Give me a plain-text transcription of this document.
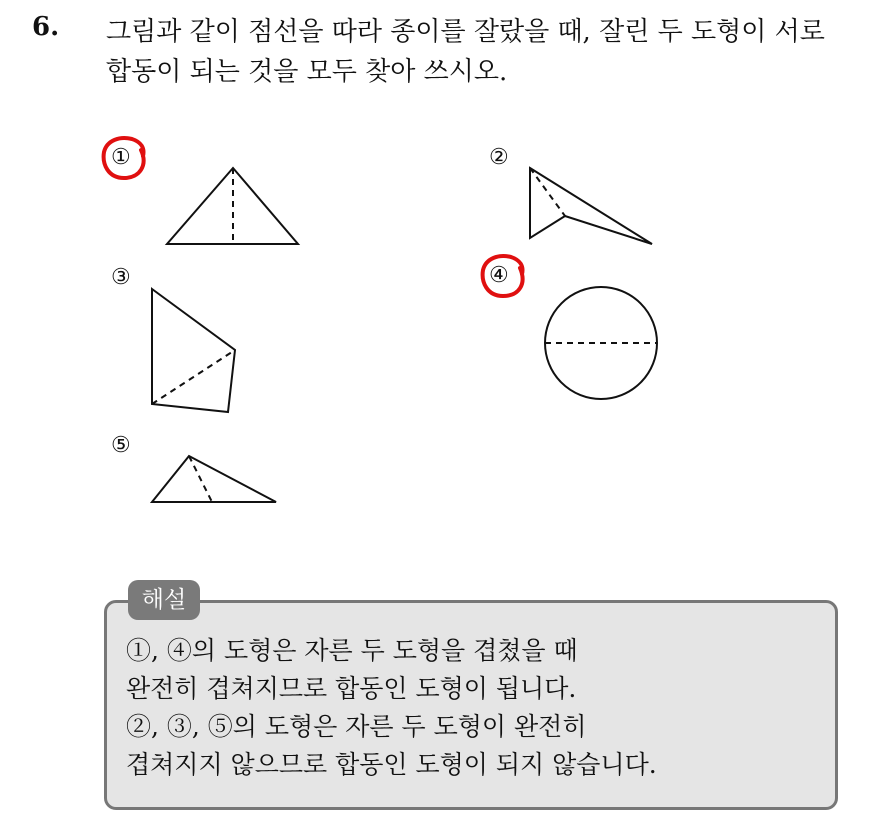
6. 그림과 같이 점선을 따라 종이를 잘랐을 때, 잘린 두 도형이 서로
합동이 되는 것을 모두 찾아 쓰시오.
①	②
③	④
⑤
해설
①, ④의 도형은 자른 두 도형을 겹쳤을 때
완전히 겹쳐지므로 합동인 도형이 됩니다.
②, ③, ⑤의 도형은 자른 두 도형이 완전히
겹쳐지지 않으므로 합동인 도형이 되지 않습니다.
